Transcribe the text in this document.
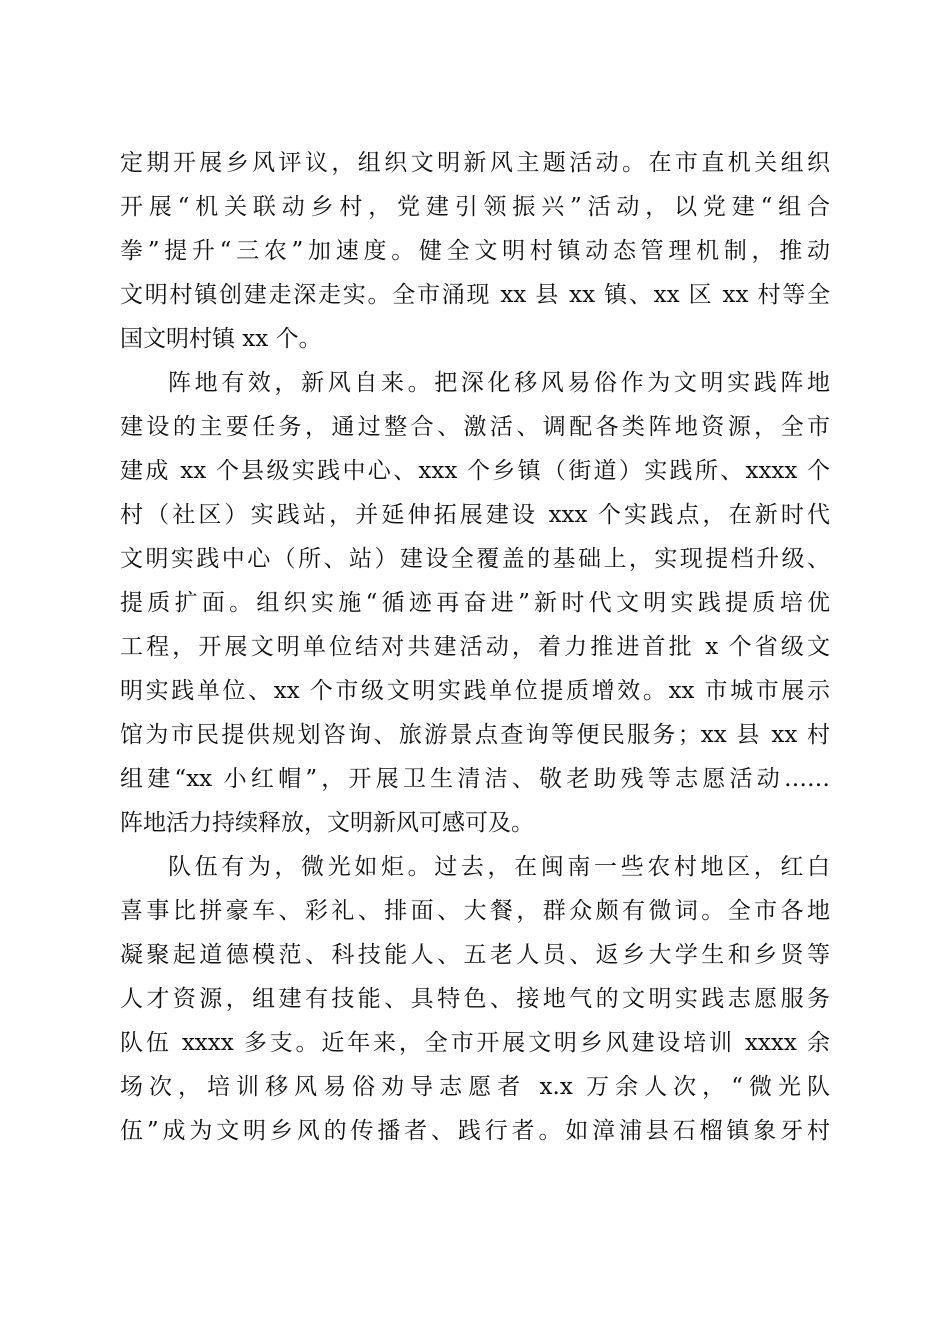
定期开展乡风评议，组织文明新风主题活动。在市直机关组织
开展“机关联动乡村，党建引领振兴”活动，以党建“组合
拳”提升“三农”加速度。健全文明村镇动态管理机制，推动
文明村镇创建走深走实。全市涌现 xx 县 xx 镇、xx 区 xx 村等全
国文明村镇 xx 个。
阵地有效，新风自来。把深化移风易俗作为文明实践阵地
建设的主要任务，通过整合、激活、调配各类阵地资源，全市
建成 xx 个县级实践中心、xxx 个乡镇（街道）实践所、xxxx 个
村（社区）实践站，并延伸拓展建设 xxx 个实践点，在新时代
文明实践中心（所、站）建设全覆盖的基础上，实现提档升级、
提质扩面。组织实施“循迹再奋进”新时代文明实践提质培优
工程，开展文明单位结对共建活动，着力推进首批 x 个省级文
明实践单位、xx 个市级文明实践单位提质增效。xx 市城市展示
馆为市民提供规划咨询、旅游景点查询等便民服务；xx 县 xx 村
组建“xx 小红帽”，开展卫生清洁、敬老助残等志愿活动……
阵地活力持续释放，文明新风可感可及。
队伍有为，微光如炬。过去，在闽南一些农村地区，红白
喜事比拼豪车、彩礼、排面、大餐，群众颇有微词。全市各地
凝聚起道德模范、科技能人、五老人员、返乡大学生和乡贤等
人才资源，组建有技能、具特色、接地气的文明实践志愿服务
队伍 xxxx 多支。近年来，全市开展文明乡风建设培训 xxxx 余
场次，培训移风易俗劝导志愿者 x.x 万余人次，“微光队
伍”成为文明乡风的传播者、践行者。如漳浦县石榴镇象牙村
